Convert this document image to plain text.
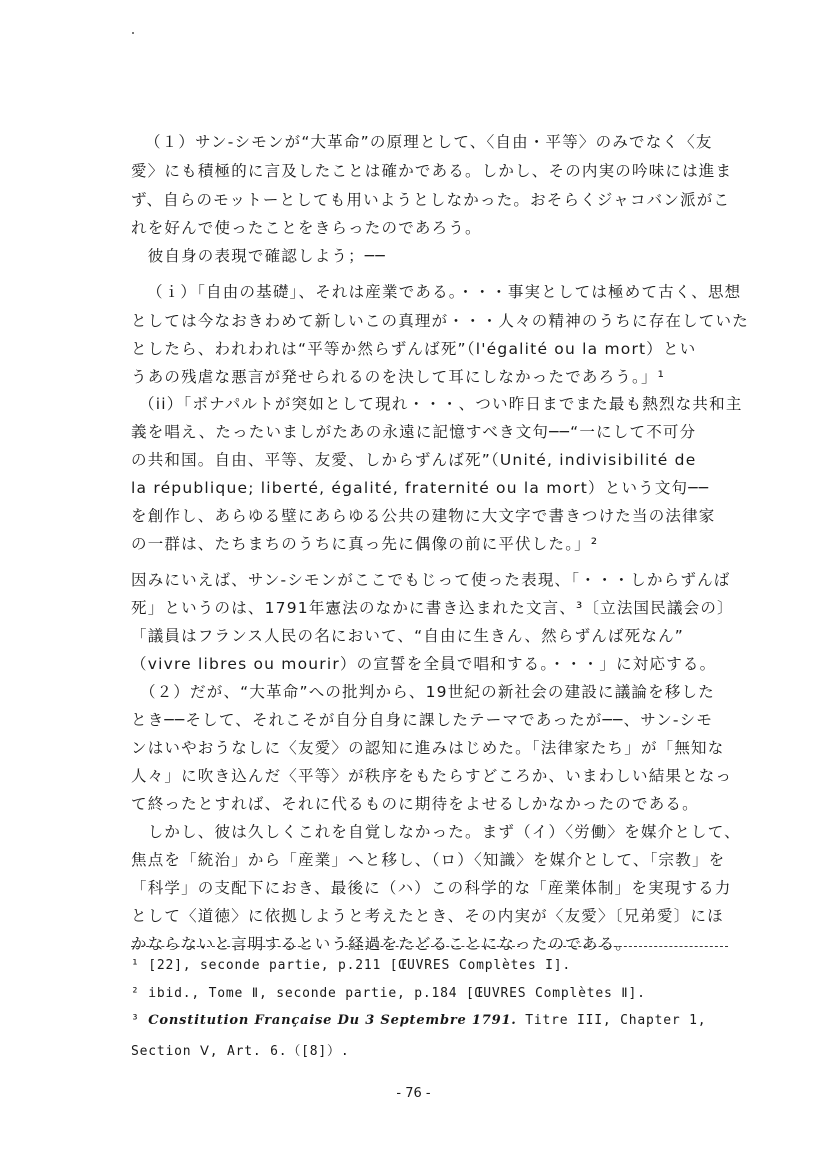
（１）サン-シモンが“大革命”の原理として、〈自由・平等〉のみでなく〈友
愛〉にも積極的に言及したことは確かである。しかし、その内実の吟味には進ま
ず、自らのモットーとしても用いようとしなかった。おそらくジャコバン派がこ
れを好んで使ったことをきらったのであろう。
　彼自身の表現で確認しよう；──
（ｉ）「自由の基礎」、それは産業である。・・・事実としては極めて古く、思想
としては今なおきわめて新しいこの真理が・・・人々の精神のうちに存在していた
としたら、われわれは“平等か然らずんば死”（l'égalité ou la mort）とい
うあの残虐な悪言が発せられるのを決して耳にしなかったであろう。」¹
（ii）「ボナパルトが突如として現れ・・・、つい昨日までまた最も熱烈な共和主
義を唱え、たったいましがたあの永遠に記憶すべき文句──“一にして不可分
の共和国。自由、平等、友愛、しからずんば死”（Unité, indivisibilité de
la république; liberté, égalité, fraternité ou la mort）という文句──
を創作し、あらゆる壁にあらゆる公共の建物に大文字で書きつけた当の法律家
の一群は、たちまちのうちに真っ先に偶像の前に平伏した。」²
因みにいえば、サン-シモンがここでもじって使った表現、「・・・しからずんば
死」というのは、1791年憲法のなかに書き込まれた文言、³〔立法国民議会の〕
「議員はフランス人民の名において、“自由に生きん、然らずんば死なん”
（vivre libres ou mourir）の宣誓を全員で唱和する。・・・」に対応する。
　（２）だが、“大革命”への批判から、19世紀の新社会の建設に議論を移した
とき──そして、それこそが自分自身に課したテーマであったが──、サン-シモ
ンはいやおうなしに〈友愛〉の認知に進みはじめた。「法律家たち」が「無知な
人々」に吹き込んだ〈平等〉が秩序をもたらすどころか、いまわしい結果となっ
て終ったとすれば、それに代るものに期待をよせるしかなかったのである。
　しかし、彼は久しくこれを自覚しなかった。まず（イ）〈労働〉を媒介として、
焦点を「統治」から「産業」へと移し、（ロ）〈知識〉を媒介として、「宗教」を
「科学」の支配下におき、最後に（ハ）この科学的な「産業体制」を実現する力
として〈道徳〉に依拠しようと考えたとき、その内実が〈友愛〉〔兄弟愛〕にほ
かならないと言明するという経過をたどることになったのである。
¹ [22], seconde partie, p.211 [ŒUVRES Complètes I].
² ibid., Tome Ⅱ, seconde partie, p.184 [ŒUVRES Complètes Ⅱ].
³ Constitution Française Du 3 Septembre 1791. Titre III, Chapter 1,
Section Ⅴ, Art. 6.（[8]）.
- 76 -
